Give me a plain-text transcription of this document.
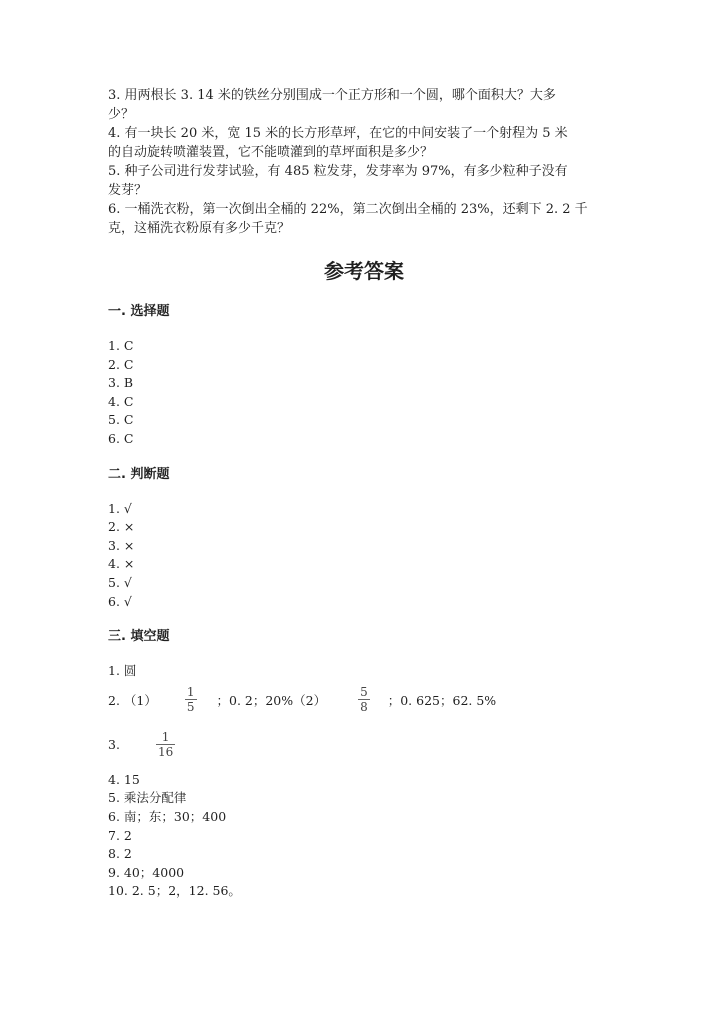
3. 用两根长 3. 14 米的铁丝分别围成一个正方形和一个圆，哪个面积大？大多

少？

4. 有一块长 20 米，宽 15 米的长方形草坪，在它的中间安装了一个射程为 5 米

的自动旋转喷灌装置，它不能喷灌到的草坪面积是多少？

5. 种子公司进行发芽试验，有 485 粒发芽，发芽率为 97%，有多少粒种子没有

发芽？

6. 一桶洗衣粉，第一次倒出全桶的 22%，第二次倒出全桶的 23%，还剩下 2. 2 千

克，这桶洗衣粉原有多少千克？

参考答案
一. 选择题

1. C

2. C

3. B

4. C

5. C

6. C

二. 判断题

1. √

2. ×

3. ×

4. ×

5. √

6. √

三. 填空题

1. 圆

2. $(1) \frac{1}{5}$ ；0. 2；20%（2）	$\frac{5}{8}$ ；0. 625；62. 5%
3.	$\frac{1}{16}$

4. 15

5. 乘法分配律

6. 南；东；30；400

7. 2

8. 2

9. 40；4000

10. 2. 5；2，12. 56。
